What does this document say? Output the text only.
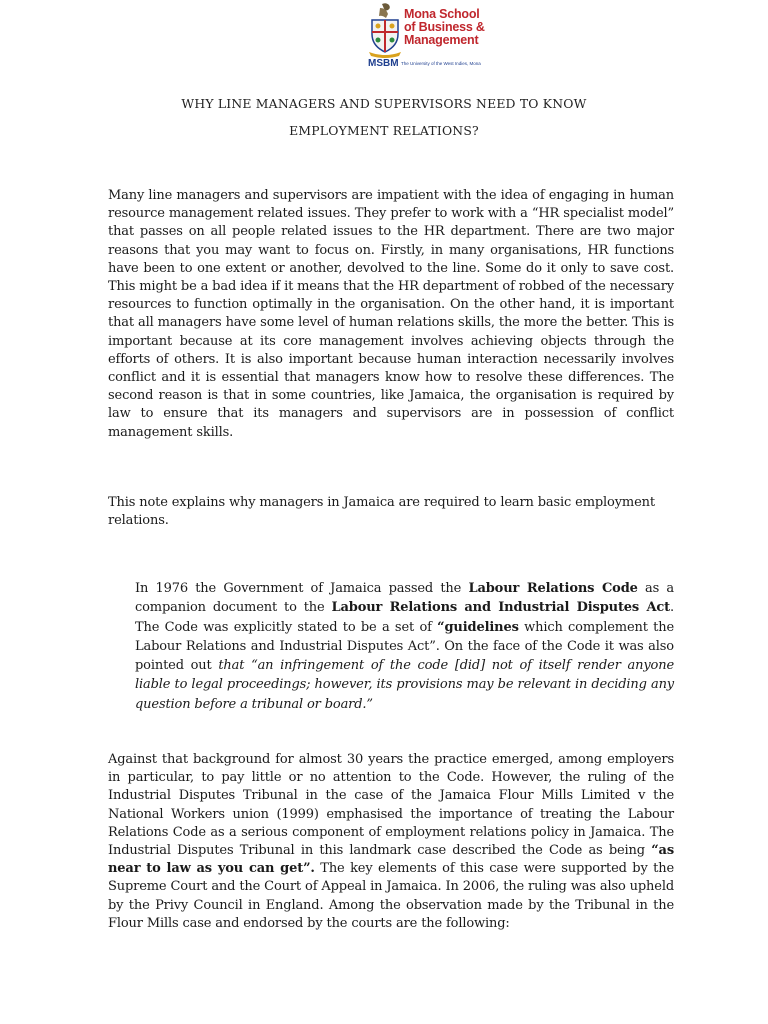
Mona School
of Business &
Management
MSBM The University of the West Indies, Mona
WHY LINE MANAGERS AND SUPERVISORS NEED TO KNOW
EMPLOYMENT RELATIONS?

Many line managers and supervisors are impatient with the idea of engaging in human resource management related issues. They prefer to work with a “HR specialist model” that passes on all people related issues to the HR department. There are two major reasons that you may want to focus on. Firstly, in many organisations, HR functions have been to one extent or another, devolved to the line. Some do it only to save cost. This might be a bad idea if it means that the HR department of robbed of the necessary resources to function optimally in the organisation. On the other hand, it is important that all managers have some level of human relations skills, the more the better. This is important because at its core management involves achieving objects through the efforts of others. It is also important because human interaction necessarily involves conflict and it is essential that managers know how to resolve these differences. The second reason is that in some countries, like Jamaica, the organisation is required by law to ensure that its managers and supervisors are in possession of conflict management skills.

This note explains why managers in Jamaica are required to learn basic employment relations.

In 1976 the Government of Jamaica passed the Labour Relations Code as a companion document to the Labour Relations and Industrial Disputes Act. The Code was explicitly stated to be a set of “guidelines which complement the Labour Relations and Industrial Disputes Act”. On the face of the Code it was also pointed out that “an infringement of the code [did] not of itself render anyone liable to legal proceedings; however, its provisions may be relevant in deciding any question before a tribunal or board.”

Against that background for almost 30 years the practice emerged, among employers in particular, to pay little or no attention to the Code. However, the ruling of the Industrial Disputes Tribunal in the case of the Jamaica Flour Mills Limited v the National Workers union (1999) emphasised the importance of treating the Labour Relations Code as a serious component of employment relations policy in Jamaica. The Industrial Disputes Tribunal in this landmark case described the Code as being “as near to law as you can get”. The key elements of this case were supported by the Supreme Court and the Court of Appeal in Jamaica. In 2006, the ruling was also upheld by the Privy Council in England. Among the observation made by the Tribunal in the Flour Mills case and endorsed by the courts are the following:
